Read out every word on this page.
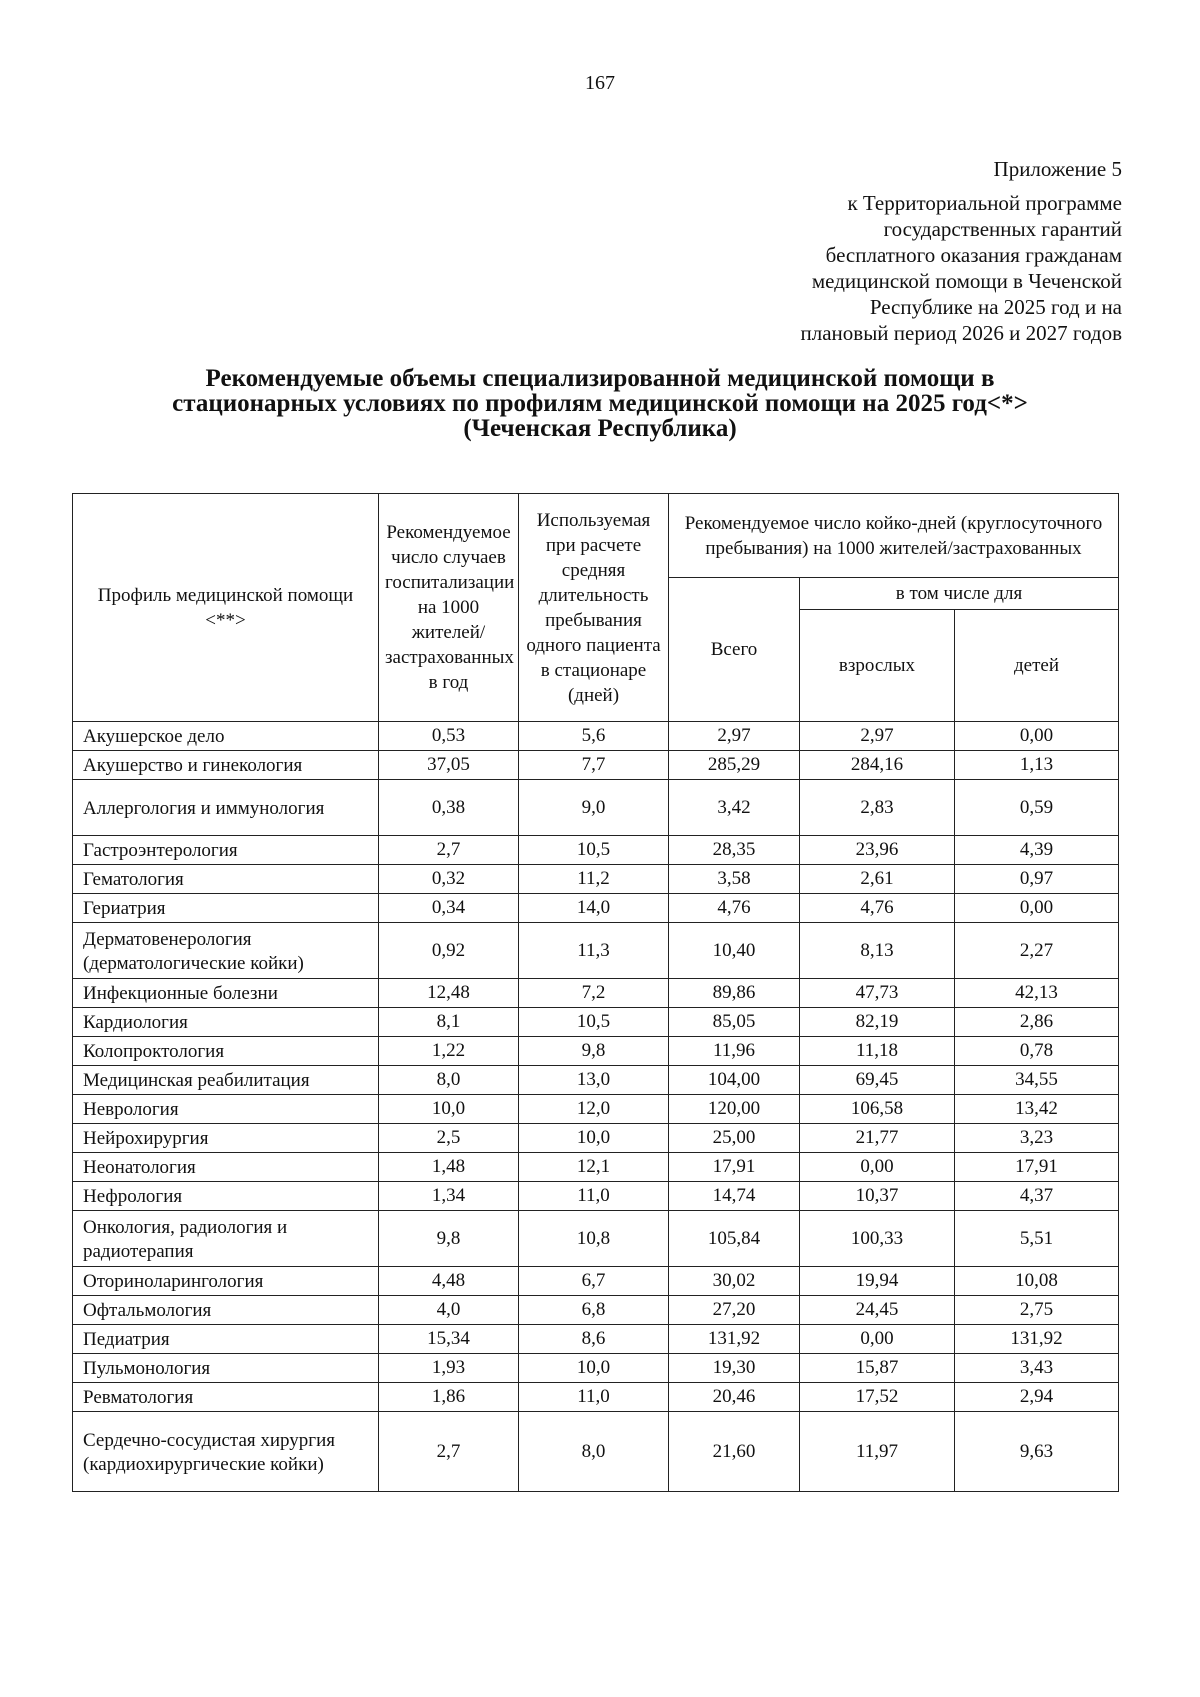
167
Приложение 5
к Территориальной программе
государственных гарантий
бесплатного оказания гражданам
медицинской помощи в Чеченской
Республике на 2025 год и на
плановый период 2026 и 2027 годов
Рекомендуемые объемы специализированной медицинской помощи в
стационарных условиях по профилям медицинской помощи на 2025 год<*>
(Чеченская Республика)
Профиль медицинской помощи <**>	Рекомендуемое число случаев госпитализации на 1000 жителей/застрахованных в год	Используемая при расчете средняя длительность пребывания одного пациента в стационаре (дней)	Рекомендуемое число койко-дней (круглосуточного пребывания) на 1000 жителей/застрахованных		
			Всего	в том числе для	
				взрослых	детей
Акушерское дело	0,53	5,6	2,97	2,97	0,00
Акушерство и гинекология	37,05	7,7	285,29	284,16	1,13
Аллергология и иммунология	0,38	9,0	3,42	2,83	0,59
Гастроэнтерология	2,7	10,5	28,35	23,96	4,39
Гематология	0,32	11,2	3,58	2,61	0,97
Гериатрия	0,34	14,0	4,76	4,76	0,00
Дерматовенерология (дерматологические койки)	0,92	11,3	10,40	8,13	2,27
Инфекционные болезни	12,48	7,2	89,86	47,73	42,13
Кардиология	8,1	10,5	85,05	82,19	2,86
Колопроктология	1,22	9,8	11,96	11,18	0,78
Медицинская реабилитация	8,0	13,0	104,00	69,45	34,55
Неврология	10,0	12,0	120,00	106,58	13,42
Нейрохирургия	2,5	10,0	25,00	21,77	3,23
Неонатология	1,48	12,1	17,91	0,00	17,91
Нефрология	1,34	11,0	14,74	10,37	4,37
Онкология, радиология и радиотерапия	9,8	10,8	105,84	100,33	5,51
Оториноларингология	4,48	6,7	30,02	19,94	10,08
Офтальмология	4,0	6,8	27,20	24,45	2,75
Педиатрия	15,34	8,6	131,92	0,00	131,92
Пульмонология	1,93	10,0	19,30	15,87	3,43
Ревматология	1,86	11,0	20,46	17,52	2,94
Сердечно-сосудистая хирургия (кардиохирургические койки)	2,7	8,0	21,60	11,97	9,63
